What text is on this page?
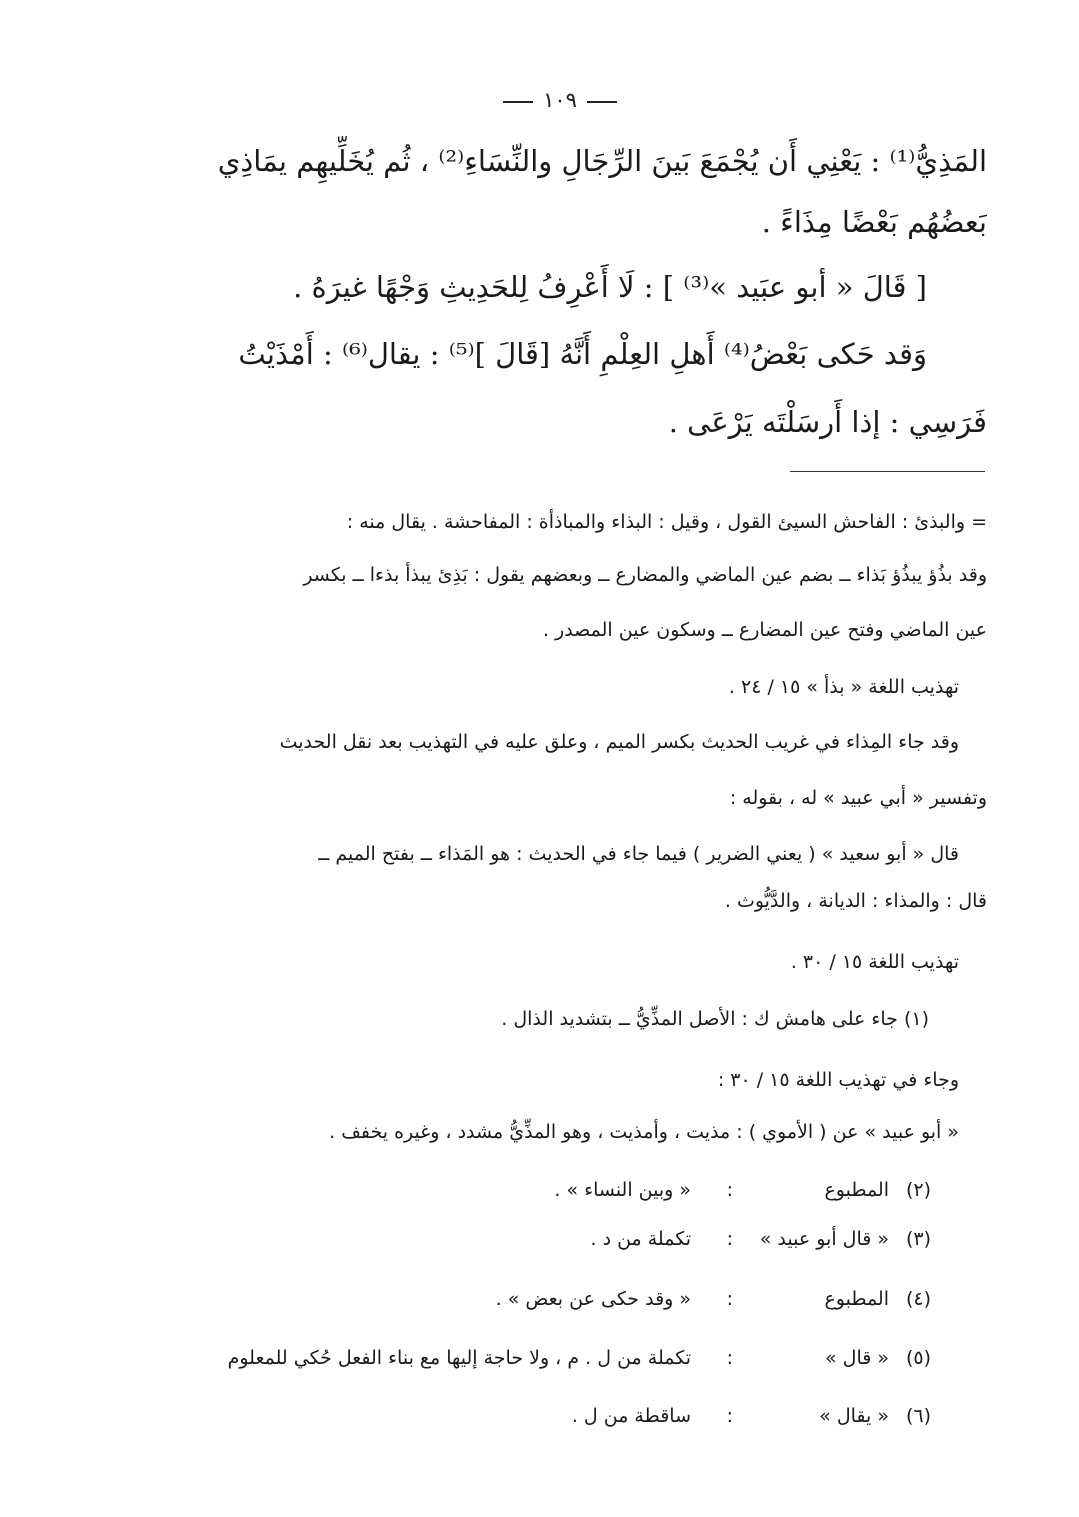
١٠٩
المَذِيُّ⁽¹⁾ : يَعْنِي أَن يُجْمَعَ بَينَ الرِّجَالِ والنِّسَاءِ⁽²⁾ ، ثُم يُخَلِّيهِم يمَاذِي
بَعضُهُم بَعْضًا مِذَاءً .
[ قَالَ « أبو عبَيد »⁽³⁾ ] : لَا أَعْرِفُ لِلحَدِيثِ وَجْهًا غيرَهُ .
وَقد حَكى بَعْضُ⁽⁴⁾ أَهلِ العِلْمِ أَنَّهُ [قَالَ ]⁽⁵⁾ : يقال⁽⁶⁾ : أَمْذَيْتُ
فَرَسِي : إذا أَرسَلْتَه يَرْعَى .
= والبذئ : الفاحش السيئ القول ، وقيل : البذاء والمباذأة : المفاحشة . يقال منه :
وقد بذُؤ يبذُؤ بَذاء ــ بضم عين الماضي والمضارع ــ وبعضهم يقول : بَذِئ يبذأ بذءا ــ بكسر
عين الماضي وفتح عين المضارع ــ وسكون عين المصدر .
تهذيب اللغة « بذأ » ١٥ / ٢٤ .
وقد جاء المِذاء في غريب الحديث بكسر الميم ، وعلق عليه في التهذيب بعد نقل الحديث
وتفسير « أبي عبيد » له ، بقوله :
قال « أبو سعيد » ( يعني الضرير ) فيما جاء في الحديث : هو المَذاء ــ بفتح الميم ــ
قال : والمذاء : الديانة ، والدَّيُّوث .
تهذيب اللغة ١٥ / ٣٠ .
(١) جاء على هامش ك : الأصل المذِّيُّ ــ بتشديد الذال .
وجاء في تهذيب اللغة ١٥ / ٣٠ :
« أبو عبيد » عن ( الأموي ) : مذيت ، وأمذيت ، وهو المذِّيُّ مشدد ، وغيره يخفف .
(٢)
المطبوع
:
« وبين النساء » .
(٣)
« قال أبو عبيد »
:
تكملة من د .
(٤)
المطبوع
:
« وقد حكى عن بعض » .
(٥)
« قال »
:
تكملة من ل . م ، ولا حاجة إليها مع بناء الفعل حُكي للمعلوم
(٦)
« يقال »
:
ساقطة من ل .
